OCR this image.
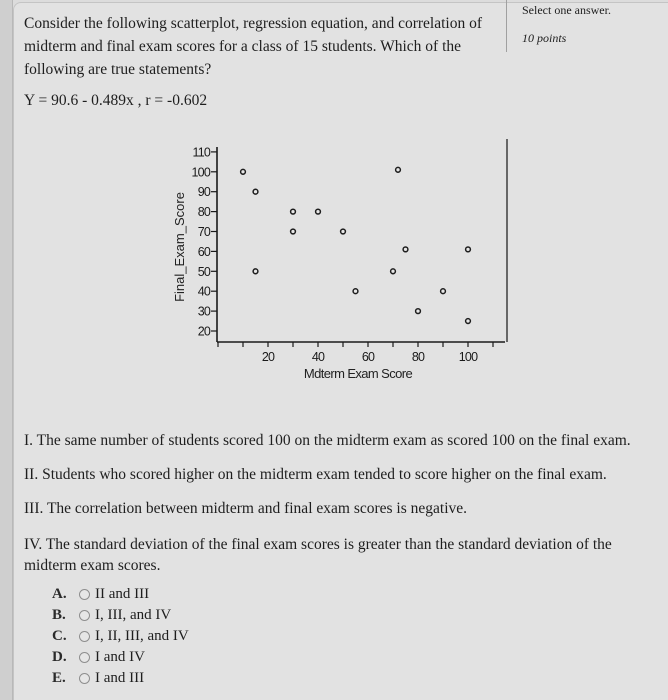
Consider the following scatterplot, regression equation, and correlation of
midterm and final exam scores for a class of 15 students. Which of the
following are true statements?
Y = 90.6 - 0.489x , r = -0.602
Select one answer.
10 points
20
30
40
50
60
70
80
90
100
110
20	40	60	80	100
Mdterm Exam Score
Final_Exam_Score
I. The same number of students scored 100 on the midterm exam as scored 100 on the final exam.
II. Students who scored higher on the midterm exam tended to score higher on the final exam.
III. The correlation between midterm and final exam scores is negative.
IV. The standard deviation of the final exam scores is greater than the standard deviation of the midterm exam scores.
A.	II and III
B.	I, III, and IV
C.	I, II, III, and IV
D.	I and IV
E.	I and III
